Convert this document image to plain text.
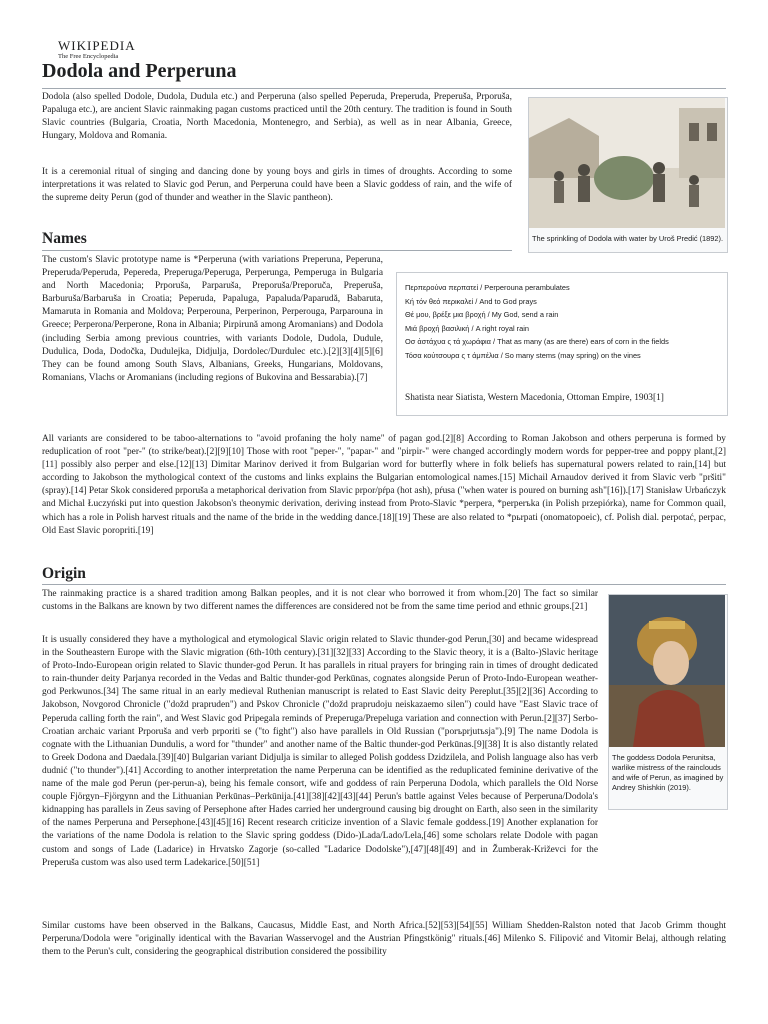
WIKIPEDIA
The Free Encyclopedia
Dodola and Perperuna

Dodola (also spelled Dodole, Dudola, Dudula etc.) and Perperuna (also spelled Peperuda, Preperuda, Preperuša, Prporuša, Papaluga etc.), are ancient Slavic rainmaking pagan customs practiced until the 20th century. The tradition is found in South Slavic countries (Bulgaria, Croatia, North Macedonia, Montenegro, and Serbia), as well as in near Albania, Greece, Hungary, Moldova and Romania.

It is a ceremonial ritual of singing and dancing done by young boys and girls in times of droughts. According to some interpretations it was related to Slavic god Perun, and Perperuna could have been a Slavic goddess of rain, and the wife of the supreme deity Perun (god of thunder and weather in the Slavic pantheon).

The sprinkling of Dodola with water by Uroš Predić (1892).
Names

The custom's Slavic prototype name is *Perperuna (with variations Preperuna, Peperuna, Preperuda/Peperuda, Pepereda, Preperuga/Peperuga, Perperunga, Pemperuga in Bulgaria and North Macedonia; Prporuša, Parparuša, Preporuša/Preporuča, Preperuša, Barburuša/Barbaruša in Croatia; Peperuda, Papaluga, Papaluda/Paparudă, Babaruta, Mamaruta in Romania and Moldova; Perperouna, Perperinon, Perperouga, Parparouna in Greece; Perperona/Perperone, Rona in Albania; Pirpirună among Aromanians) and Dodola (including Serbia among previous countries, with variants Dodole, Dudola, Dudule, Dudulica, Doda, Dodočka, Dudulejka, Didjulja, Dordolec/Durdulec etc.).[2][3][4][5][6] They can be found among South Slavs, Albanians, Greeks, Hungarians, Moldovans, Romanians, Vlachs or Aromanians (including regions of Bukovina and Bessarabia).[7]

Περπερούνα περπατεί / Perperouna perambulates
Κή τόν θεό περικαλεί / And to God prays
Θέ μου, βρέξε μια βροχή / My God, send a rain
Μιά βροχή βασιλική / A right royal rain
Οσ ἀστάχυα ς τά χωράφια / That as many (as are there) ears of corn in the fields
Τόσα κοὐτσουρα ς τ άμπέλια / So many stems (may spring) on the vines
Shatista near Siatista, Western Macedonia, Ottoman Empire, 1903[1]

All variants are considered to be taboo-alternations to "avoid profaning the holy name" of pagan god.[2][8] According to Roman Jakobson and others perperuna is formed by reduplication of root "per-" (to strike/beat).[2][9][10] Those with root "peper-", "papar-" and "pirpir-" were changed accordingly modern words for pepper-tree and poppy plant,[2][11] possibly also perper and else.[12][13] Dimitar Marinov derived it from Bulgarian word for butterfly where in folk beliefs has supernatural powers related to rain,[14] but according to Jakobson the mythological context of the customs and links explains the Bulgarian entomological names.[15] Michail Arnaudov derived it from Slavic verb "pršiti" (spray).[14] Petar Skok considered prporuša a metaphorical derivation from Slavic prpor/pŕpa (hot ash), pŕusa ("when water is poured on burning ash"[16]).[17] Stanisław Urbańczyk and Michal Łuczyński put into question Jakobson's theonymic derivation, deriving instead from Proto-Slavic *perpera, *perperъka (in Polish przepiórka), name for Common quail, which has a role in Polish harvest rituals and the name of the bride in the wedding dance.[18][19] These are also related to *pьrpati (onomatopoeic), cf. Polish dial. perpotać, perpac, Old East Slavic poropriti.[19]

Origin

The rainmaking practice is a shared tradition among Balkan peoples, and it is not clear who borrowed it from whom.[20] The fact so similar customs in the Balkans are known by two different names the differences are considered not be from the same time period and ethnic groups.[21]

It is usually considered they have a mythological and etymological Slavic origin related to Slavic thunder-god Perun,[30] and became widespread in the Southeastern Europe with the Slavic migration (6th-10th century).[31][32][33] According to the Slavic theory, it is a (Balto-)Slavic heritage of Proto-Indo-European origin related to Slavic thunder-god Perun. It has parallels in ritual prayers for bringing rain in times of drought dedicated to rain-thunder deity Parjanya recorded in the Vedas and Baltic thunder-god Perkūnas, cognates alongside Perun of Proto-Indo-European weather-god Perkwunos.[34] The same ritual in an early medieval Ruthenian manuscript is related to East Slavic deity Pereplut.[35][2][36] According to Jakobson, Novgorod Chronicle ("dožd prapruden") and Pskov Chronicle ("dožd praprudoju neiskazaemo silen") could have "East Slavic trace of Peperuda calling forth the rain", and West Slavic god Pripegala reminds of Preperuga/Prepeluga variation and connection with Perun.[2][37] Serbo-Croatian archaic variant Prporuša and verb prporiti se ("to fight") also have parallels in Old Russian ("porъprjutъsja").[9] The name Dodola is cognate with the Lithuanian Dundulis, a word for "thunder" and another name of the Baltic thunder-god Perkūnas.[9][38] It is also distantly related to Greek Dodona and Daedala.[39][40] Bulgarian variant Didjulja is similar to alleged Polish goddess Dzidzilela, and Polish language also has verb dudnić ("to thunder").[41] According to another interpretation the name Perperuna can be identified as the reduplicated feminine derivative of the name of the male god Perun (per-perun-a), being his female consort, wife and goddess of rain Perperuna Dodola, which parallels the Old Norse couple Fjörgyn–Fjörgynn and the Lithuanian Perkūnas–Perkūnija.[41][38][42][43][44] Perun's battle against Veles because of Perperuna/Dodola's kidnapping has parallels in Zeus saving of Persephone after Hades carried her underground causing big drought on Earth, also seen in the similarity of the names Perperuna and Persephone.[43][45][16] Recent research criticize invention of a Slavic female goddess.[19] Another explanation for the variations of the name Dodola is relation to the Slavic spring goddess (Dido-)Lada/Lado/Lela,[46] some scholars relate Dodole with pagan custom and songs of Lade (Ladarice) in Hrvatsko Zagorje (so-called "Ladarice Dodolske"),[47][48][49] and in Žumberak-Križevci for the Preperuša custom was also used term Ladekarice.[50][51]

The goddess Dodola Perunitsa, warlike mistress of the rainclouds and wife of Perun, as imagined by Andrey Shishkin (2019).

Similar customs have been observed in the Balkans, Caucasus, Middle East, and North Africa.[52][53][54][55] William Shedden-Ralston noted that Jacob Grimm thought Perperuna/Dodola were "originally identical with the Bavarian Wasservogel and the Austrian Pfingstkönig" rituals.[46] Milenko S. Filipović and Vitomir Belaj, although relating them to the Perun's cult, considering the geographical distribution considered the possibility
